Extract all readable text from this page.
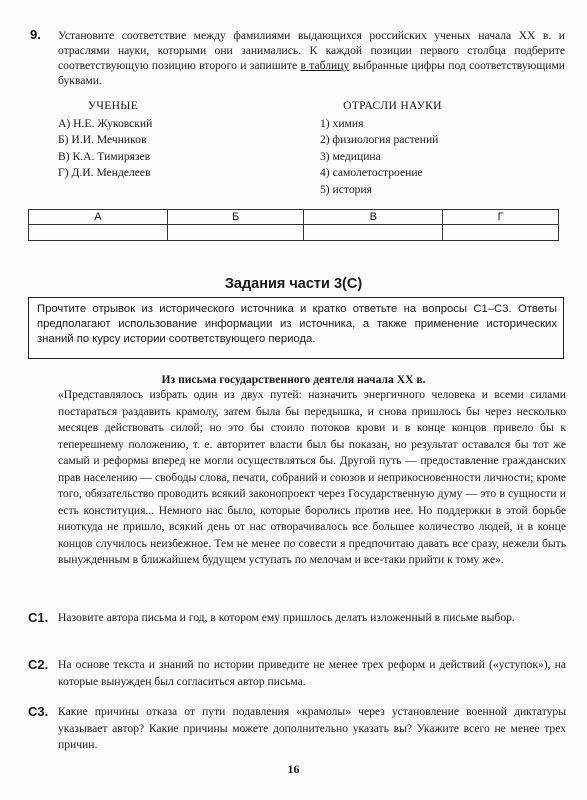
9. Установите соответствие между фамилиями выдающихся российских ученых начала XX в. и отраслями науки, которыми они занимались. К каждой позиции первого столбца подберите соответствующую позицию второго и запишите в таблицу выбранные цифры под соответствующими буквами.
УЧЕНЫЕ
А) Н.Е. Жуковский
Б) И.И. Мечников
В) К.А. Тимирязев
Г) Д.И. Менделеев
ОТРАСЛИ НАУКИ
1) химия
2) физиология растений
3) медицина
4) самолетостроение
5) история
А	Б	В	Г

Задания части 3(С)
Прочтите отрывок из исторического источника и кратко ответьте на вопросы С1–С3. Ответы предполагают использование информации из источника, а также применение исторических знаний по курсу истории соответствующего периода.
Из письма государственного деятеля начала XX в.
«Представлялось избрать один из двух путей: назначить энергичного человека и всеми силами постараться раздавить крамолу, затем была бы передышка, и снова пришлось бы через несколько месяцев действовать силой; но это бы стоило потоков крови и в конце концов привело бы к теперешнему положению, т. е. авторитет власти был бы показан, но результат оставался бы тот же самый и реформы вперед не могли осуществляться бы. Другой путь — предоставление гражданских прав населению — свободы слова, печати, собраний и союзов и неприкосновенности личности; кроме того, обязательство проводить всякий законопроект через Государственную думу — это в сущности и есть конституция... Немного нас было, которые боролись против нее. Но поддержки в этой борьбе ниоткуда не пришло, всякий день от нас отворачивалось все большее количество людей, и в конце концов случилось неизбежное. Тем не менее по совести я предпочитаю давать все сразу, нежели быть вынужденным в ближайшем будущем уступать по мелочам и все-таки прийти к тому же».
С1. Назовите автора письма и год, в котором ему пришлось делать изложенный в письме выбор.
С2. На основе текста и знаний по истории приведите не менее трех реформ и действий («уступок»), на которые вынужден был согласиться автор письма.
С3. Какие причины отказа от пути подавления «крамолы» через установление военной диктатуры указывает автор? Какие причины можете дополнительно указать вы? Укажите всего не менее трех причин.
16
